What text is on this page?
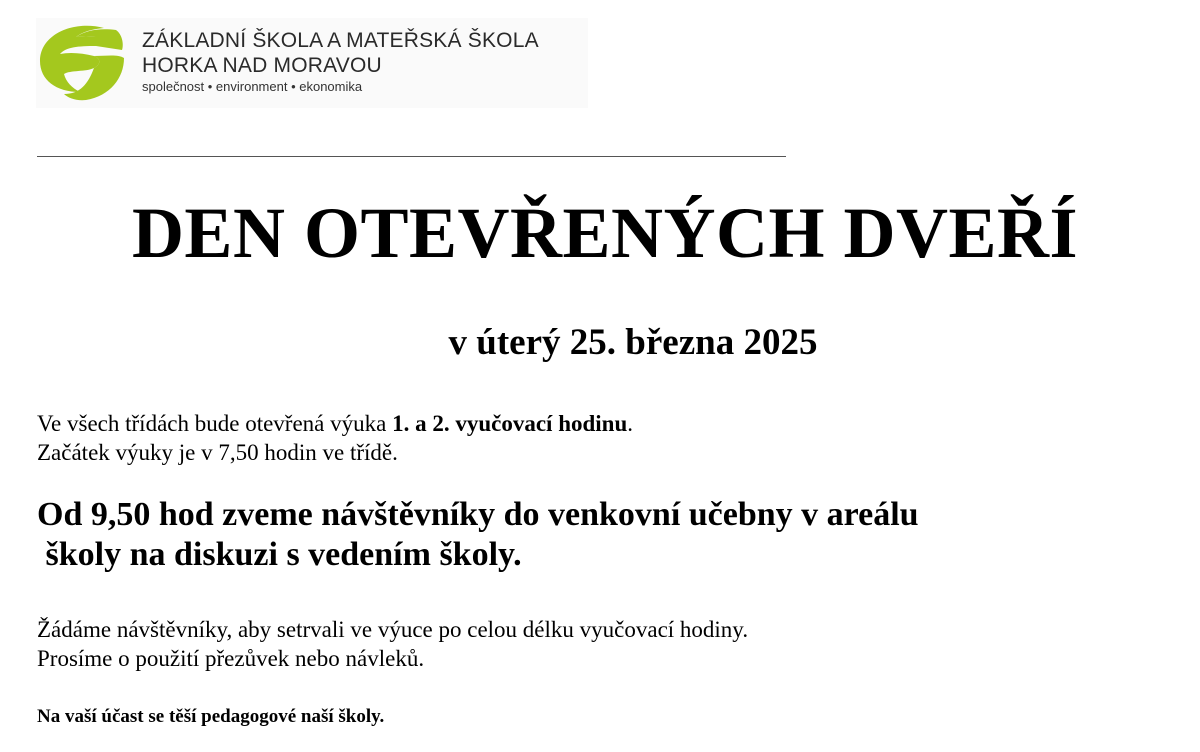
ZÁKLADNÍ ŠKOLA A MATEŘSKÁ ŠKOLA
HORKA NAD MORAVOU
společnost • environment • ekonomika
DEN OTEVŘENÝCH DVEŘÍ
v úterý 25. března 2025
Ve všech třídách bude otevřená výuka 1. a 2. vyučovací hodinu.
Začátek výuky je v 7,50 hodin ve třídě.
Od 9,50 hod zveme návštěvníky do venkovní učebny v areálu
školy na diskuzi s vedením školy.
Žádáme návštěvníky, aby setrvali ve výuce po celou délku vyučovací hodiny.
Prosíme o použití přezůvek nebo návleků.
Na vaší účast se těší pedagogové naší školy.
